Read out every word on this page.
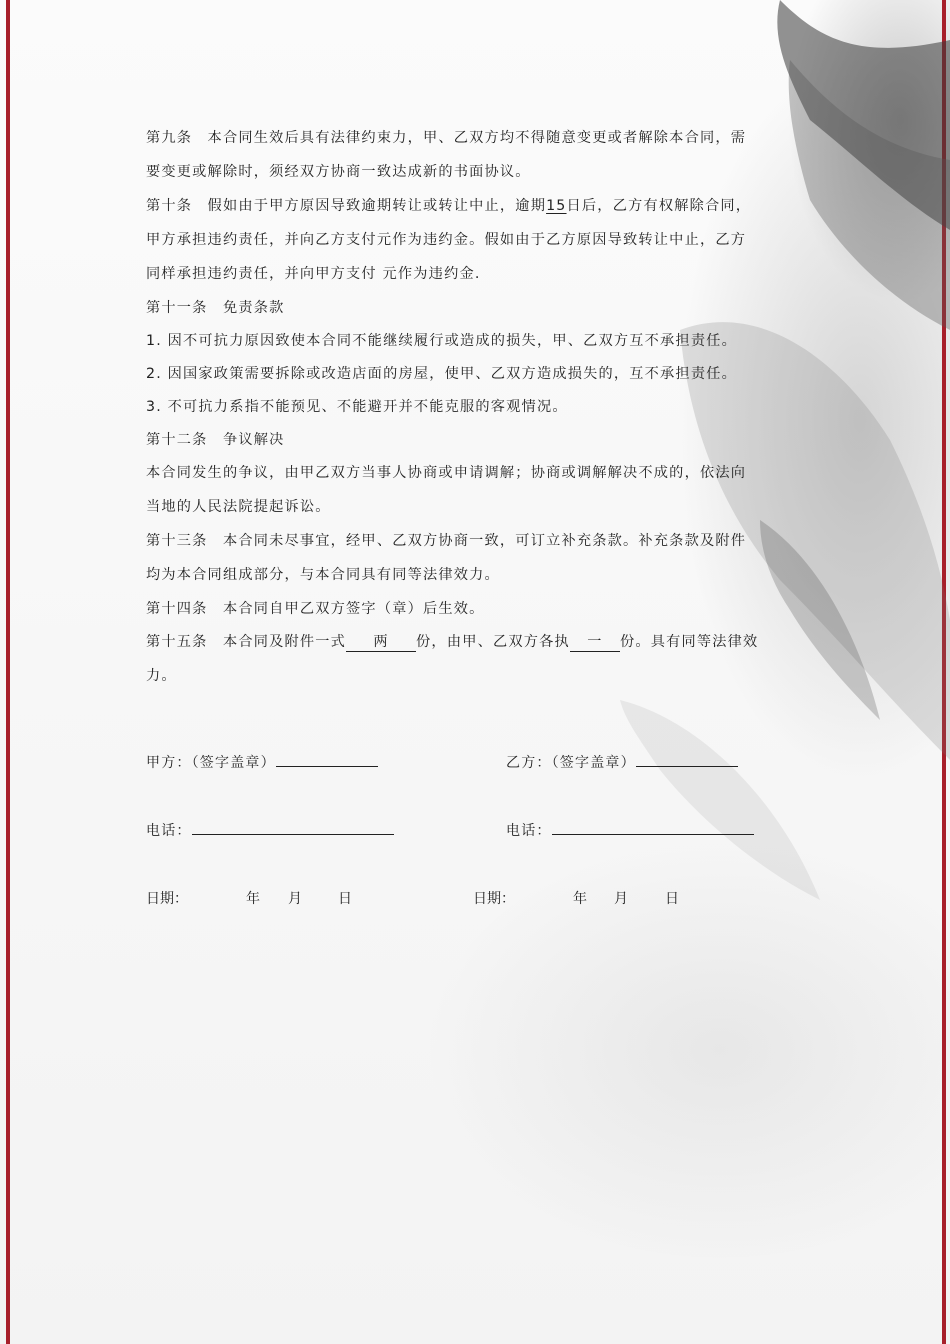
第九条　本合同生效后具有法律约束力，甲、乙双方均不得随意变更或者解除本合同，需
要变更或解除时，须经双方协商一致达成新的书面协议。
第十条　假如由于甲方原因导致逾期转让或转让中止，逾期15日后，乙方有权解除合同，
甲方承担违约责任，并向乙方支付元作为违约金。假如由于乙方原因导致转让中止，乙方
同样承担违约责任，并向甲方支付 元作为违约金.
第十一条　免责条款
1. 因不可抗力原因致使本合同不能继续履行或造成的损失，甲、乙双方互不承担责任。
2. 因国家政策需要拆除或改造店面的房屋，使甲、乙双方造成损失的，互不承担责任。
3. 不可抗力系指不能预见、不能避开并不能克服的客观情况。
第十二条　争议解决
本合同发生的争议，由甲乙双方当事人协商或申请调解；协商或调解解决不成的，依法向
当地的人民法院提起诉讼。
第十三条　本合同未尽事宜，经甲、乙双方协商一致，可订立补充条款。补充条款及附件
均为本合同组成部分，与本合同具有同等法律效力。
第十四条　本合同自甲乙双方签字（章）后生效。
第十五条　本合同及附件一式 两 份，由甲、乙双方各执 一 份。具有同等法律效
力。
甲方：（签字盖章）	乙方：（签字盖章）
电话：	电话：
日期：	年 月	日	日期：	年 月	日
